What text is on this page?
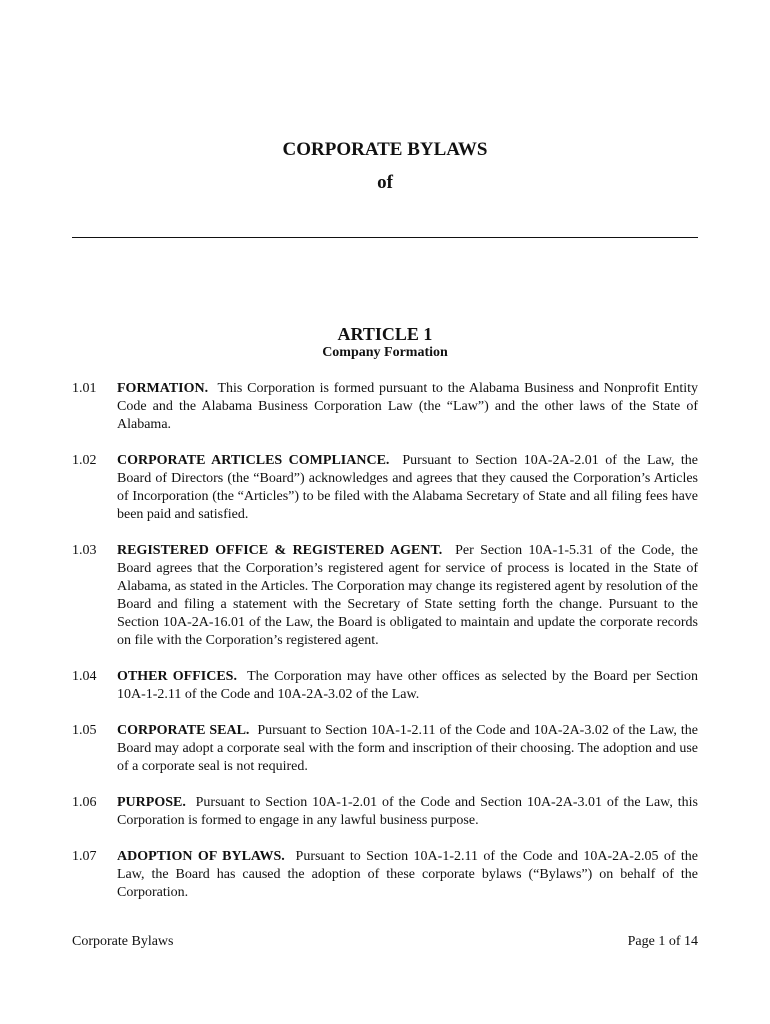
CORPORATE BYLAWS
of
ARTICLE 1
Company Formation
1.01	FORMATION. This Corporation is formed pursuant to the Alabama Business and Nonprofit Entity Code and the Alabama Business Corporation Law (the “Law”) and the other laws of the State of Alabama.
1.02	CORPORATE ARTICLES COMPLIANCE. Pursuant to Section 10A-2A-2.01 of the Law, the Board of Directors (the “Board”) acknowledges and agrees that they caused the Corporation’s Articles of Incorporation (the “Articles”) to be filed with the Alabama Secretary of State and all filing fees have been paid and satisfied.
1.03	REGISTERED OFFICE & REGISTERED AGENT. Per Section 10A-1-5.31 of the Code, the Board agrees that the Corporation’s registered agent for service of process is located in the State of Alabama, as stated in the Articles. The Corporation may change its registered agent by resolution of the Board and filing a statement with the Secretary of State setting forth the change. Pursuant to the Section 10A-2A-16.01 of the Law, the Board is obligated to maintain and update the corporate records on file with the Corporation’s registered agent.
1.04	OTHER OFFICES. The Corporation may have other offices as selected by the Board per Section 10A-1-2.11 of the Code and 10A-2A-3.02 of the Law.
1.05	CORPORATE SEAL. Pursuant to Section 10A-1-2.11 of the Code and 10A-2A-3.02 of the Law, the Board may adopt a corporate seal with the form and inscription of their choosing. The adoption and use of a corporate seal is not required.
1.06	PURPOSE. Pursuant to Section 10A-1-2.01 of the Code and Section 10A-2A-3.01 of the Law, this Corporation is formed to engage in any lawful business purpose.
1.07	ADOPTION OF BYLAWS. Pursuant to Section 10A-1-2.11 of the Code and 10A-2A-2.05 of the Law, the Board has caused the adoption of these corporate bylaws (“Bylaws”) on behalf of the Corporation.
Corporate Bylaws	Page 1 of 14
